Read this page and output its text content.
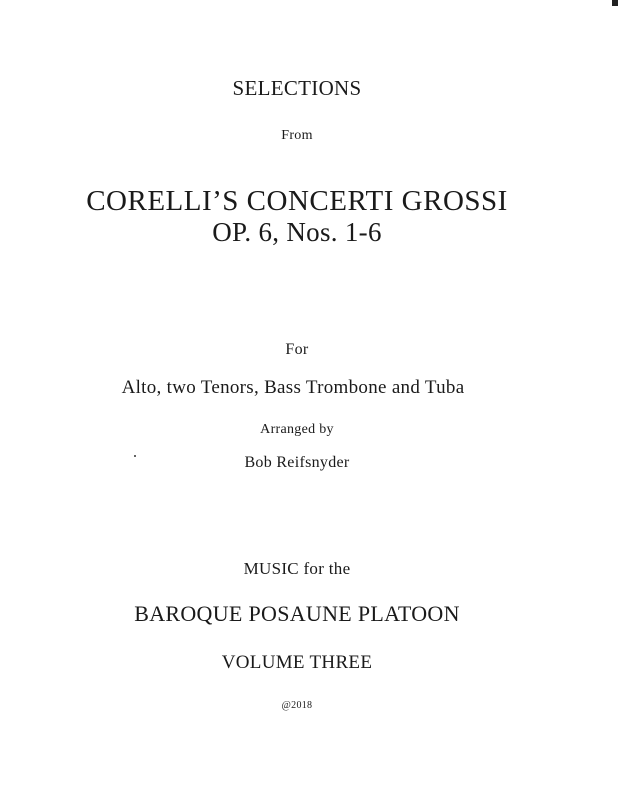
SELECTIONS
From
CORELLI’S CONCERTI GROSSI
OP. 6, Nos. 1-6
For
Alto, two Tenors, Bass Trombone and Tuba
Arranged by
Bob Reifsnyder
MUSIC for the
BAROQUE POSAUNE PLATOON
VOLUME THREE
@2018
